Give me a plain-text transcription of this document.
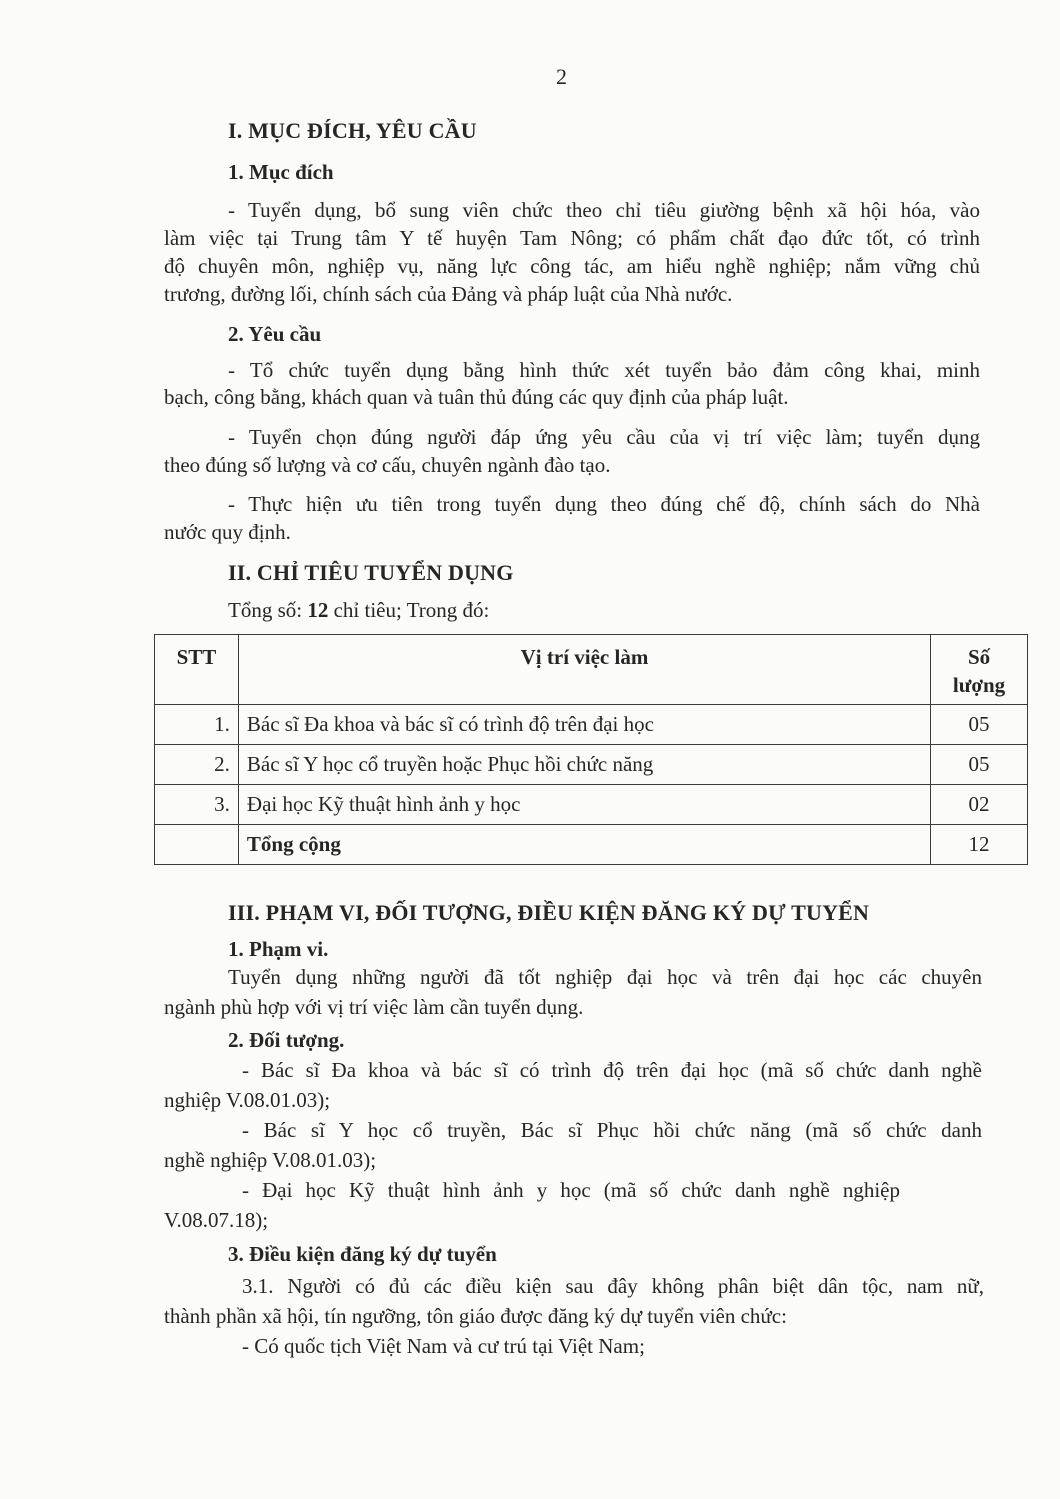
2
I. MỤC ĐÍCH, YÊU CẦU
1. Mục đích
- Tuyển dụng, bổ sung viên chức theo chỉ tiêu giường bệnh xã hội hóa, vào
làm việc tại Trung tâm Y tế huyện Tam Nông; có phẩm chất đạo đức tốt, có trình
độ chuyên môn, nghiệp vụ, năng lực công tác, am hiểu nghề nghiệp; nắm vững chủ
trương, đường lối, chính sách của Đảng và pháp luật của Nhà nước.
2. Yêu cầu
- Tổ chức tuyển dụng bằng hình thức xét tuyển bảo đảm công khai, minh
bạch, công bằng, khách quan và tuân thủ đúng các quy định của pháp luật.
- Tuyển chọn đúng người đáp ứng yêu cầu của vị trí việc làm; tuyển dụng
theo đúng số lượng và cơ cấu, chuyên ngành đào tạo.
- Thực hiện ưu tiên trong tuyển dụng theo đúng chế độ, chính sách do Nhà
nước quy định.
II. CHỈ TIÊU TUYỂN DỤNG
Tổng số: 12 chỉ tiêu; Trong đó:
STT	Vị trí việc làm	Số
lượng
1.	Bác sĩ Đa khoa và bác sĩ có trình độ trên đại học	05
2.	Bác sĩ Y học cổ truyền hoặc Phục hồi chức năng	05
3.	Đại học Kỹ thuật hình ảnh y học	02
	Tổng cộng	12
III. PHẠM VI, ĐỐI TƯỢNG, ĐIỀU KIỆN ĐĂNG KÝ DỰ TUYỂN
1. Phạm vi.
Tuyển dụng những người đã tốt nghiệp đại học và trên đại học các chuyên
ngành phù hợp với vị trí việc làm cần tuyển dụng.
2. Đối tượng.
- Bác sĩ Đa khoa và bác sĩ có trình độ trên đại học (mã số chức danh nghề
nghiệp V.08.01.03);
- Bác sĩ Y học cổ truyền, Bác sĩ Phục hồi chức năng (mã số chức danh
nghề nghiệp V.08.01.03);
- Đại học Kỹ thuật hình ảnh y học (mã số chức danh nghề nghiệp
V.08.07.18);
3. Điều kiện đăng ký dự tuyển
3.1. Người có đủ các điều kiện sau đây không phân biệt dân tộc, nam nữ,
thành phần xã hội, tín ngưỡng, tôn giáo được đăng ký dự tuyển viên chức:
- Có quốc tịch Việt Nam và cư trú tại Việt Nam;
